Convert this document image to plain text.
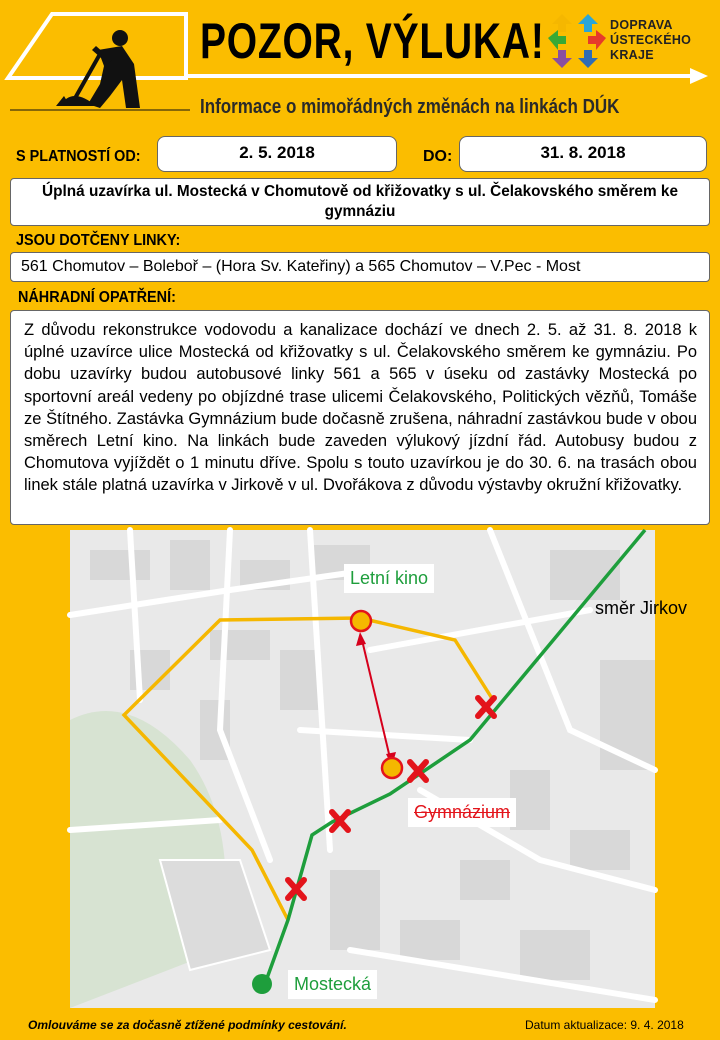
POZOR, VÝLUKA!
Informace o mimořádných změnách na linkách DÚK
DOPRAVA
ÚSTECKÉHO
KRAJE
S PLATNOSTÍ OD:	2. 5. 2018	DO:	31. 8. 2018
Úplná uzavírka ul. Mostecká v Chomutově od křižovatky s ul. Čelakovského směrem ke gymnáziu
JSOU DOTČENY LINKY:
561 Chomutov – Boleboř – (Hora Sv. Kateřiny) a 565 Chomutov – V.Pec - Most
NÁHRADNÍ OPATŘENÍ:
Z důvodu rekonstrukce vodovodu a kanalizace dochází ve dnech 2. 5. až 31. 8. 2018 k úplné uzavírce ulice Mostecká od křižovatky s ul. Čelakovského směrem ke gymnáziu. Po dobu uzavírky budou autobusové linky 561 a 565 v úseku od zastávky Mostecká po sportovní areál vedeny po objízdné trase ulicemi Čelakovského, Politických vězňů, Tomáše ze Štítného. Zastávka Gymnázium bude dočasně zrušena, náhradní zastávkou bude v obou směrech Letní kino. Na linkách bude zaveden výlukový jízdní řád. Autobusy budou z Chomutova vyjíždět o 1 minutu dříve. Spolu s touto uzavírkou je do 30. 6. na trasách obou linek stále platná uzavírka v Jirkově v ul. Dvořákova z důvodu výstavby okružní křižovatky.
Letní kino
směr Jirkov
Gymnázium
Mostecká
Omlouváme se za dočasně ztížené podmínky cestování.	Datum aktualizace: 9. 4. 2018
